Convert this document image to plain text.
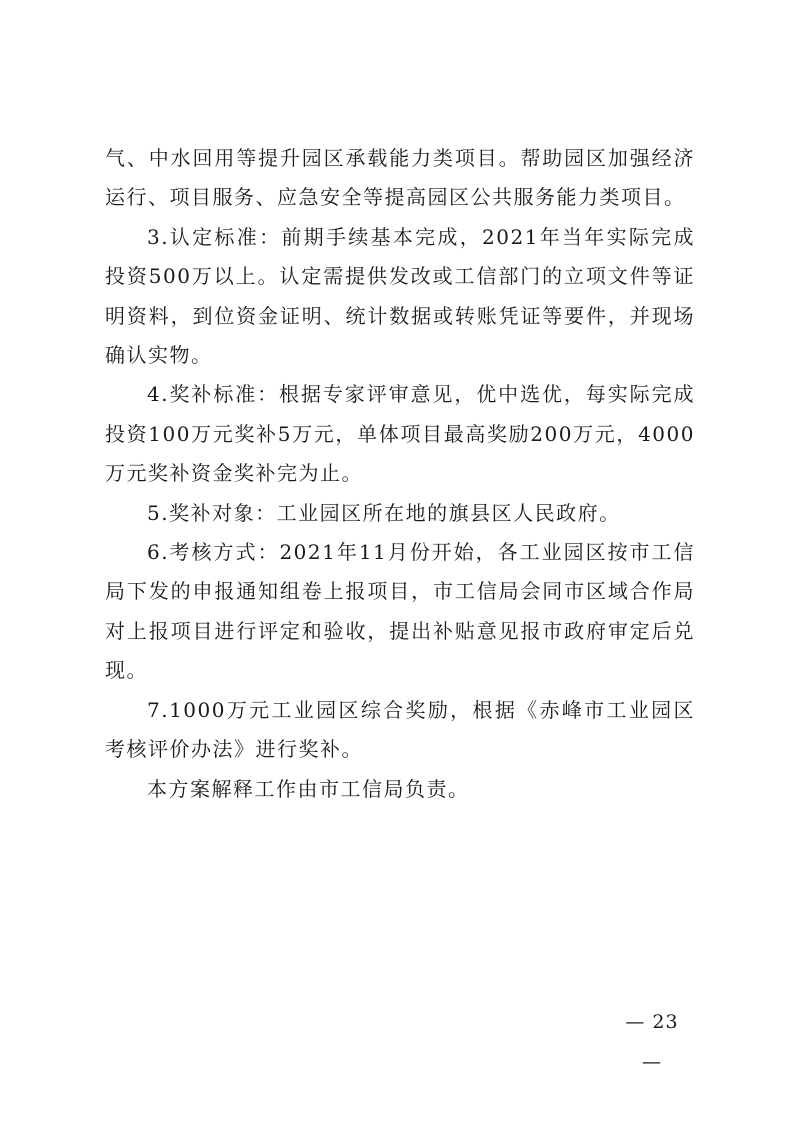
气、中水回用等提升园区承载能力类项目。帮助园区加强经济运行、项目服务、应急安全等提高园区公共服务能力类项目。

3.认定标准：前期手续基本完成，2021年当年实际完成投资500万以上。认定需提供发改或工信部门的立项文件等证明资料，到位资金证明、统计数据或转账凭证等要件，并现场确认实物。

4.奖补标准：根据专家评审意见，优中选优，每实际完成投资100万元奖补5万元，单体项目最高奖励200万元，4000万元奖补资金奖补完为止。

5.奖补对象：工业园区所在地的旗县区人民政府。

6.考核方式：2021年11月份开始，各工业园区按市工信局下发的申报通知组卷上报项目，市工信局会同市区域合作局对上报项目进行评定和验收，提出补贴意见报市政府审定后兑现。

7.1000万元工业园区综合奖励，根据《赤峰市工业园区考核评价办法》进行奖补。

本方案解释工作由市工信局负责。

— 23 —
